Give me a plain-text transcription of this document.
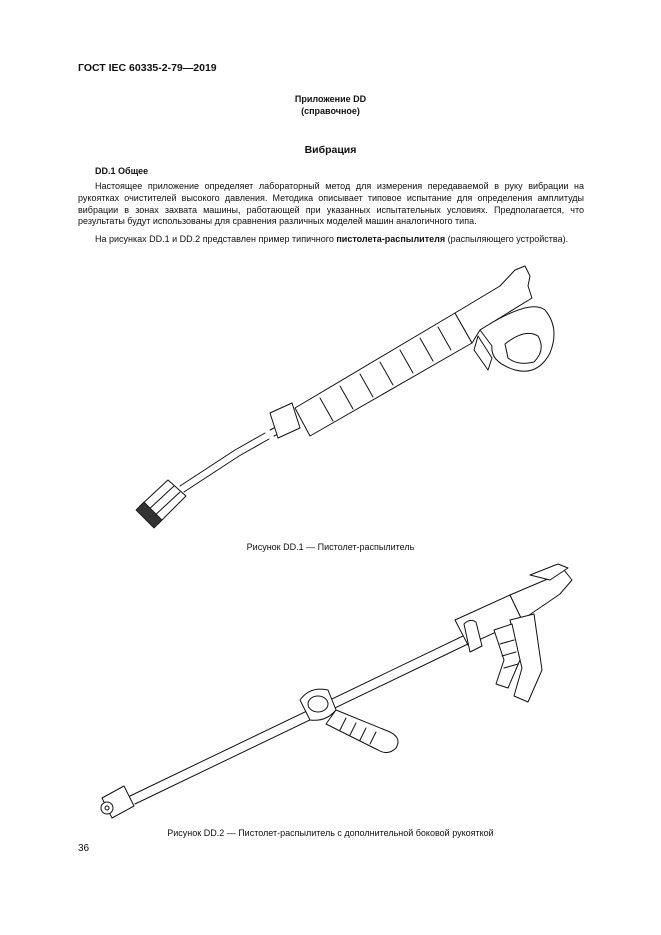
ГОСТ IEC 60335-2-79—2019
Приложение DD
(справочное)
Вибрация
DD.1 Общее
Настоящее приложение определяет лабораторный метод для измерения передаваемой в руку вибрации на рукоятках очистителей высокого давления. Методика описывает типовое испытание для определения амплитуды вибрации в зонах захвата машины, работающей при указанных испытательных условиях. Предполагается, что результаты будут использованы для сравнения различных моделей машин аналогичного типа.
На рисунках DD.1 и DD.2 представлен пример типичного пистолета-распылителя (распыляющего устройства).
Рисунок DD.1 — Пистолет-распылитель
Рисунок DD.2 — Пистолет-распылитель с дополнительной боковой рукояткой
36
